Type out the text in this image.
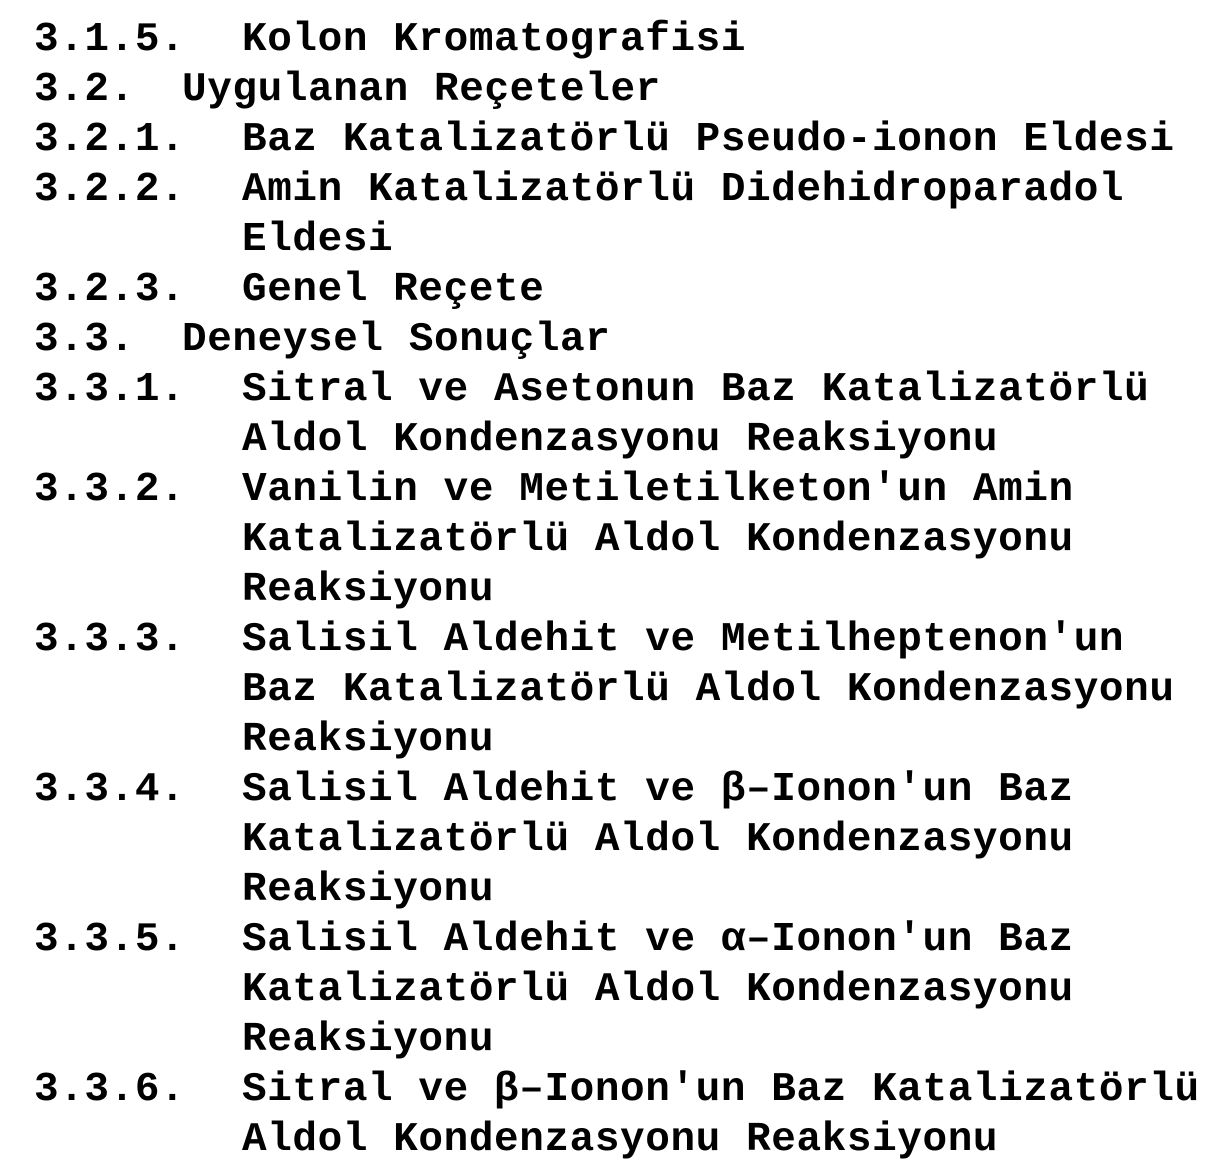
3.1.5. Kolon Kromatografisi
3.2. Uygulanan Reçeteler
3.2.1. Baz Katalizatörlü Pseudo-ionon Eldesi
3.2.2. Amin Katalizatörlü Didehidroparadol
Eldesi
3.2.3. Genel Reçete
3.3. Deneysel Sonuçlar
3.3.1. Sitral ve Asetonun Baz Katalizatörlü
Aldol Kondenzasyonu Reaksiyonu
3.3.2. Vanilin ve Metiletilketon'un Amin
Katalizatörlü Aldol Kondenzasyonu
Reaksiyonu
3.3.3. Salisil Aldehit ve Metilheptenon'un
Baz Katalizatörlü Aldol Kondenzasyonu
Reaksiyonu
3.3.4. Salisil Aldehit ve β–Ionon'un Baz
Katalizatörlü Aldol Kondenzasyonu
Reaksiyonu
3.3.5. Salisil Aldehit ve α–Ionon'un Baz
Katalizatörlü Aldol Kondenzasyonu
Reaksiyonu
3.3.6. Sitral ve β–Ionon'un Baz Katalizatörlü
Aldol Kondenzasyonu Reaksiyonu
